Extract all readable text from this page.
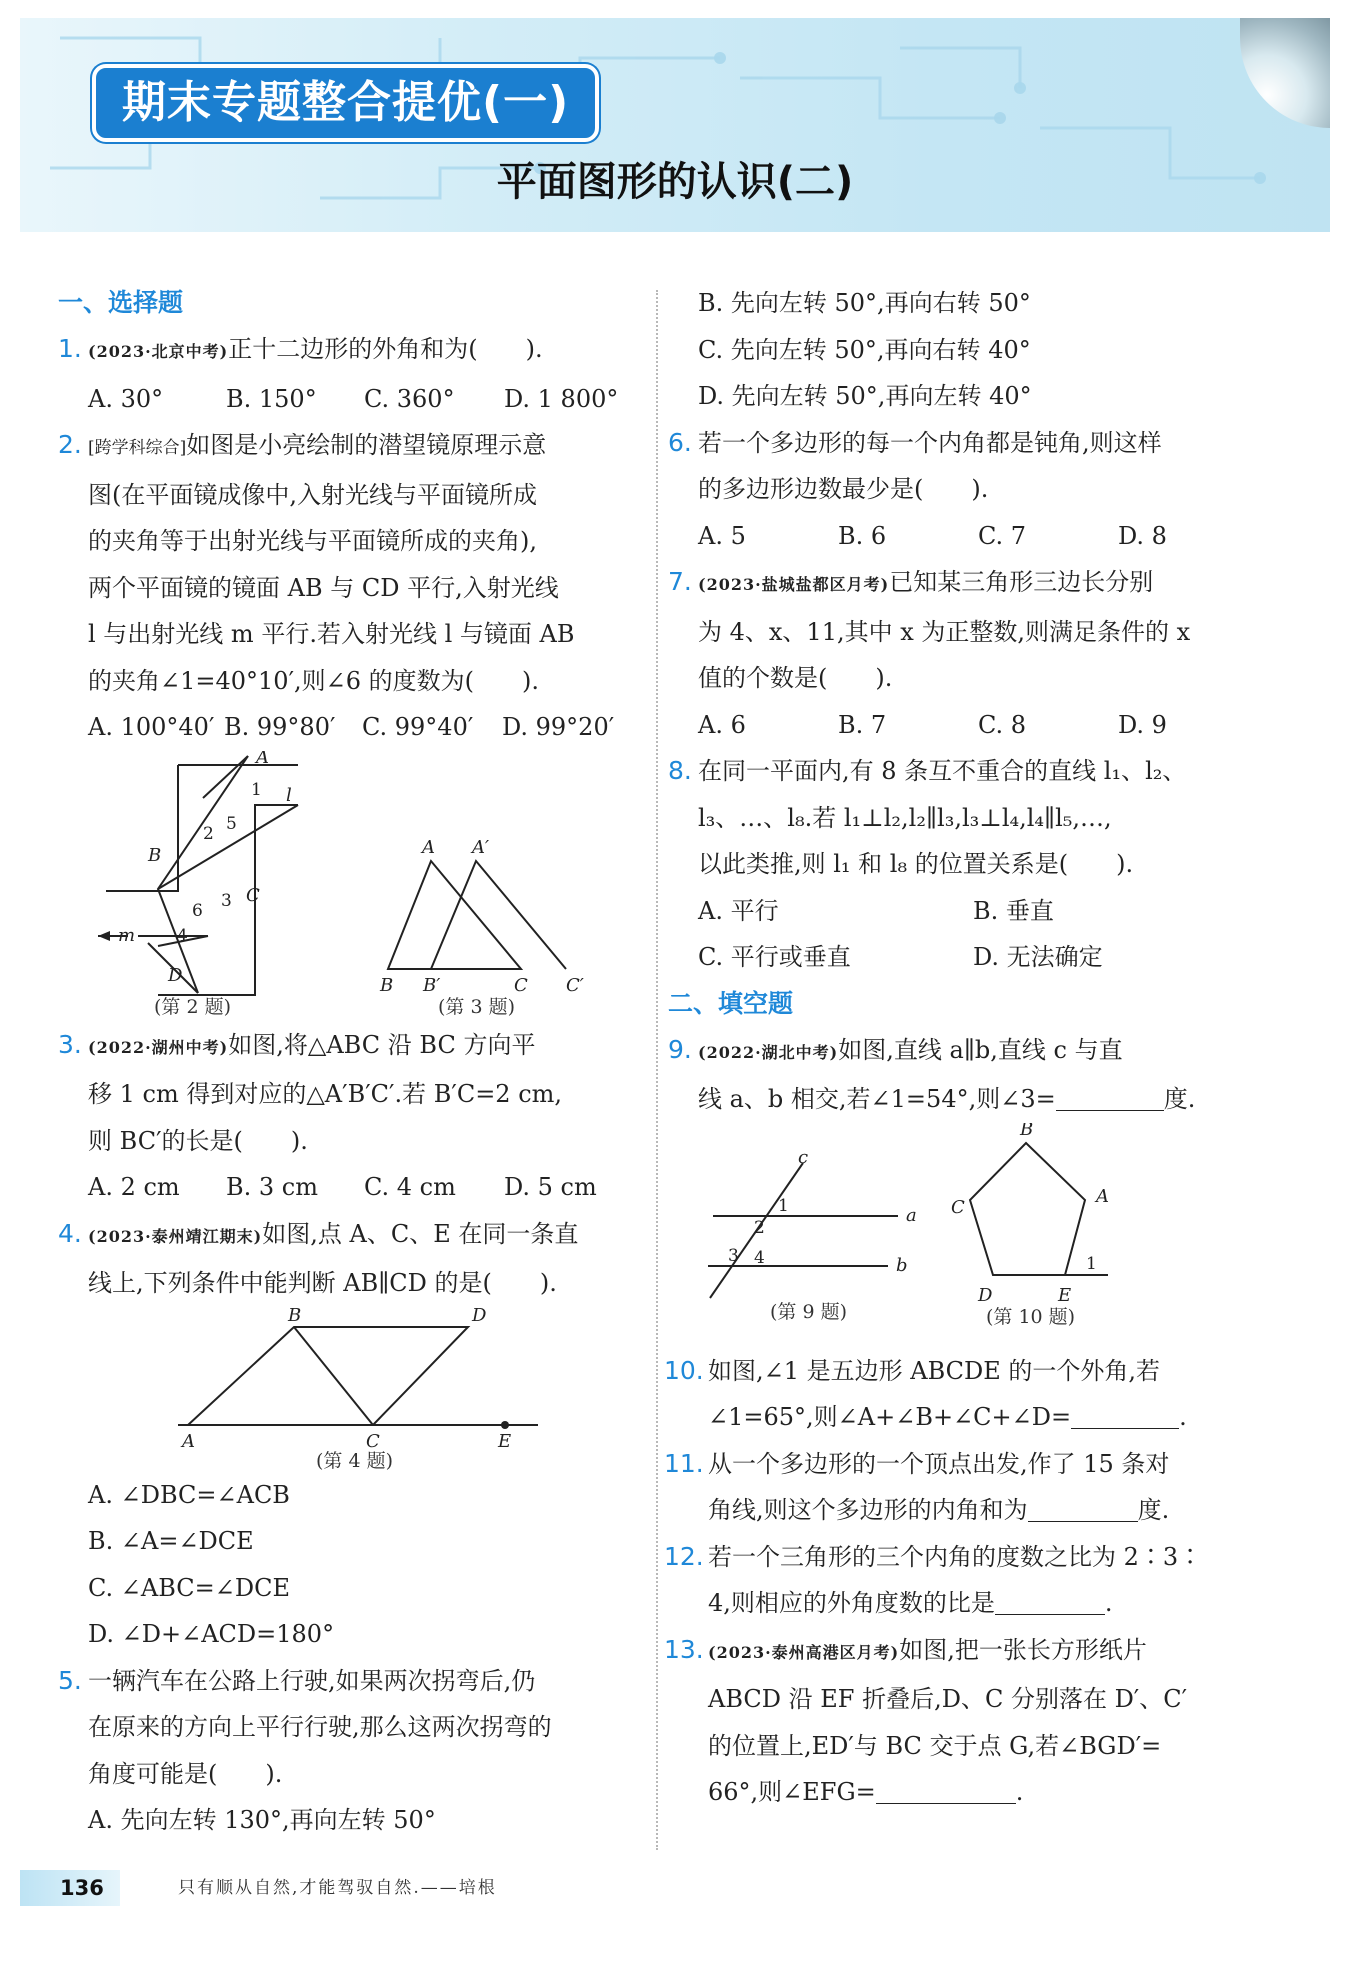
期末专题整合提优(一)
平面图形的认识(二)
一、选择题
1. (2023·北京中考)正十二边形的外角和为(　　).
A. 30°	B. 150°	C. 360°	D. 1 800°
2. [跨学科综合]如图是小亮绘制的潜望镜原理示意
图(在平面镜成像中,入射光线与平面镜所成
的夹角等于出射光线与平面镜所成的夹角),
两个平面镜的镜面 AB 与 CD 平行,入射光线
l 与出射光线 m 平行.若入射光线 l 与镜面 AB
的夹角∠1=40°10′,则∠6 的度数为(　　).
A. 100°40′ B. 99°80′	C. 99°40′	D. 99°20′
A
B
C
D
l
m
1
2
3
4
5
6
(第 2 题)
A A′
B B′	C C′
(第 3 题)
3. (2022·湖州中考)如图,将△ABC 沿 BC 方向平
移 1 cm 得到对应的△A′B′C′.若 B′C=2 cm,
则 BC′的长是(　　).
A. 2 cm	B. 3 cm	C. 4 cm	D. 5 cm
4. (2023·泰州靖江期末)如图,点 A、C、E 在同一条直
线上,下列条件中能判断 AB∥CD 的是(　　).
A
B
C
D
E
(第 4 题)
A. ∠DBC=∠ACB
B. ∠A=∠DCE
C. ∠ABC=∠DCE
D. ∠D+∠ACD=180°
5. 一辆汽车在公路上行驶,如果两次拐弯后,仍
在原来的方向上平行行驶,那么这两次拐弯的
角度可能是(　　).
A. 先向左转 130°,再向左转 50°
B. 先向左转 50°,再向右转 50°
C. 先向左转 50°,再向右转 40°
D. 先向左转 50°,再向左转 40°
6. 若一个多边形的每一个内角都是钝角,则这样
的多边形边数最少是(　　).
A. 5	B. 6	C. 7	D. 8
7. (2023·盐城盐都区月考)已知某三角形三边长分别
为 4、x、11,其中 x 为正整数,则满足条件的 x
值的个数是(　　).
A. 6	B. 7	C. 8	D. 9
8. 在同一平面内,有 8 条互不重合的直线 l₁、l₂、
l₃、…、l₈.若 l₁⊥l₂,l₂∥l₃,l₃⊥l₄,l₄∥l₅,…,
以此类推,则 l₁ 和 l₈ 的位置关系是(　　).
A. 平行	B. 垂直
C. 平行或垂直	D. 无法确定
二、填空题
9. (2022·湖北中考)如图,直线 a∥b,直线 c 与直
线 a、b 相交,若∠1=54°,则∠3=	度.
a
b
c
1
2
3 4
(第 9 题)
A
B
C
D	E
1
(第 10 题)
10. 如图,∠1 是五边形 ABCDE 的一个外角,若
∠1=65°,则∠A+∠B+∠C+∠D=	.
11. 从一个多边形的一个顶点出发,作了 15 条对
角线,则这个多边形的内角和为	度.
12. 若一个三角形的三个内角的度数之比为 2∶3∶
4,则相应的外角度数的比是	.
13. (2023·泰州高港区月考)如图,把一张长方形纸片
ABCD 沿 EF 折叠后,D、C 分别落在 D′、C′
的位置上,ED′与 BC 交于点 G,若∠BGD′=
66°,则∠EFG=	.
136	只有顺从自然,才能驾驭自然.——培根
